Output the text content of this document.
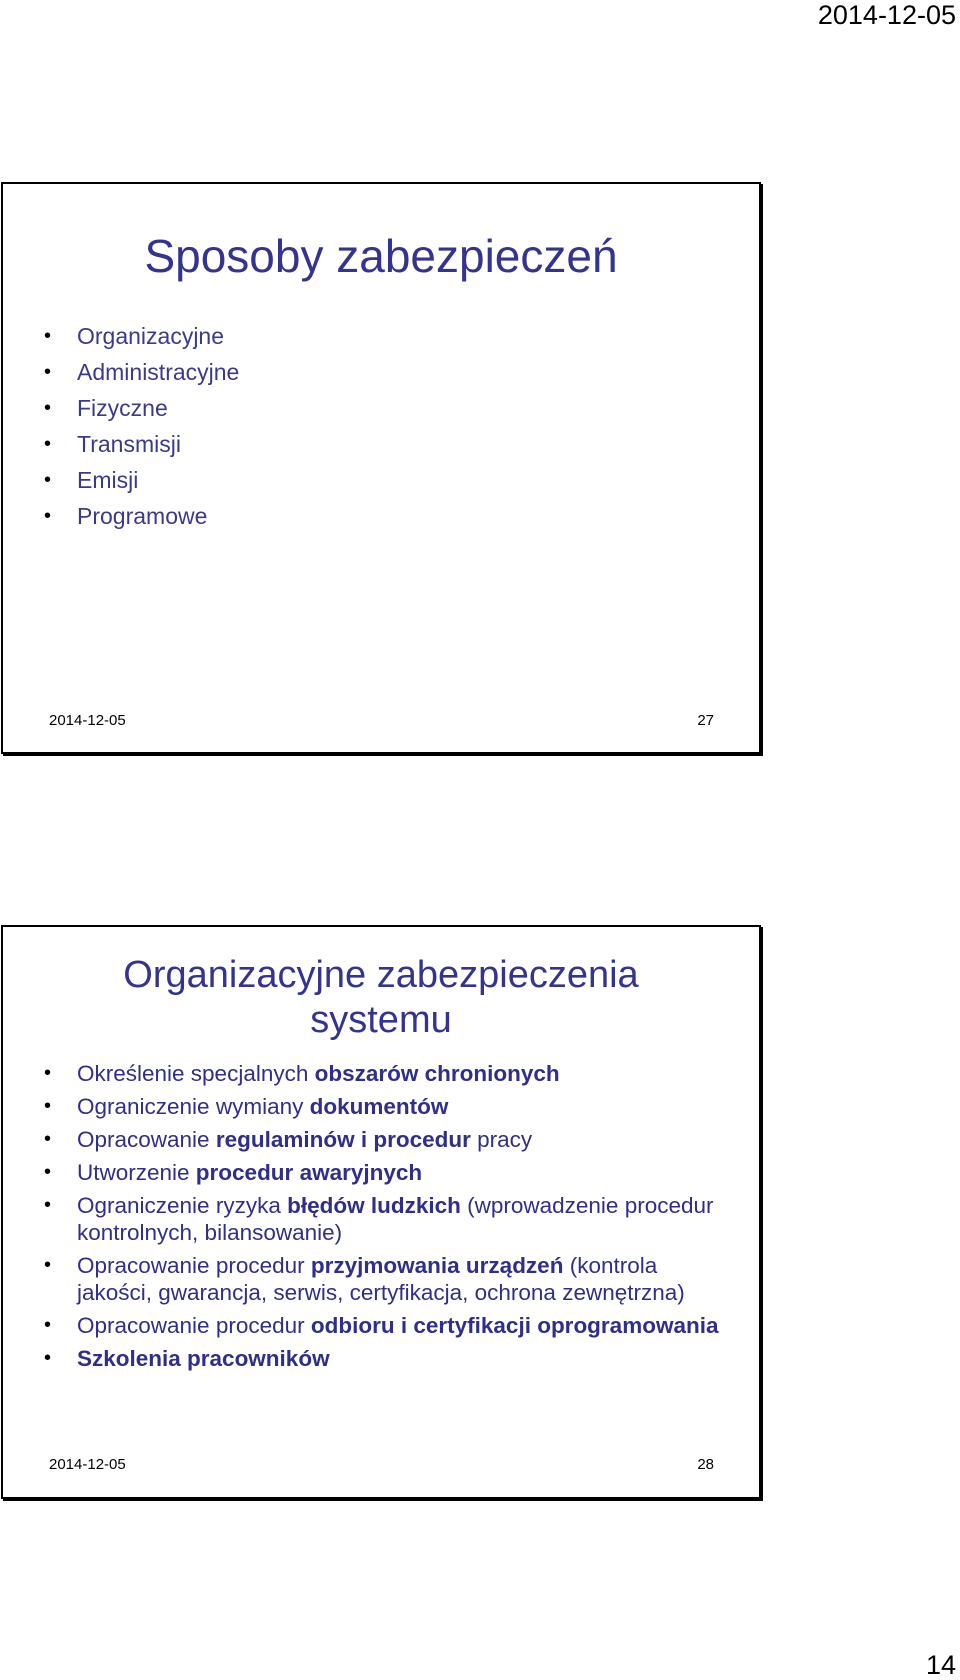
2014-12-05
Sposoby zabezpieczeń
• Organizacyjne
• Administracyjne
• Fizyczne
• Transmisji
• Emisji
• Programowe
2014-12-05	27
Organizacyjne zabezpieczenia
systemu
• Określenie specjalnych obszarów chronionych
• Ograniczenie wymiany dokumentów
• Opracowanie regulaminów i procedur pracy
• Utworzenie procedur awaryjnych
• Ograniczenie ryzyka błędów ludzkich (wprowadzenie procedur kontrolnych, bilansowanie)
• Opracowanie procedur przyjmowania urządzeń (kontrola jakości, gwarancja, serwis, certyfikacja, ochrona zewnętrzna)
• Opracowanie procedur odbioru i certyfikacji oprogramowania
• Szkolenia pracowników
2014-12-05	28
14
